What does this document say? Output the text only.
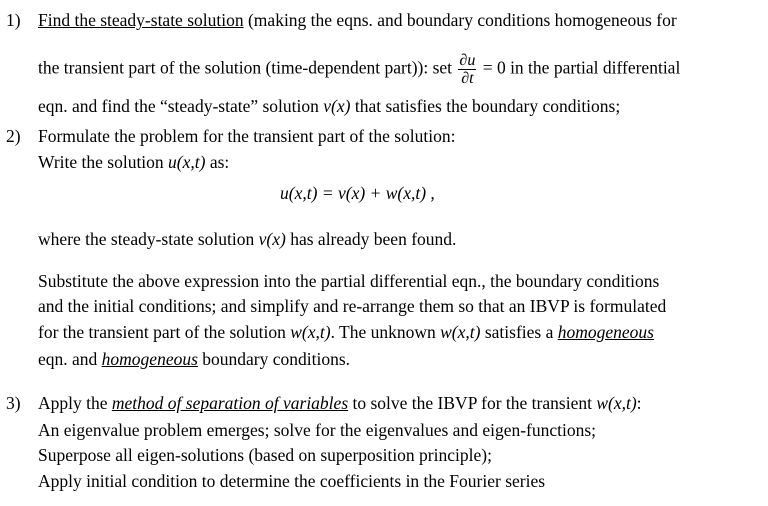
1) Find the steady-state solution (making the eqns. and boundary conditions homogeneous for
the transient part of the solution (time-dependent part)): set $\frac{\partial u}{\partial t} = 0$ in the partial differential
eqn. and find the “steady-state” solution v(x) that satisfies the boundary conditions;
2) Formulate the problem for the transient part of the solution:
Write the solution u(x,t) as:
u(x,t) = v(x) + w(x,t) ,
where the steady-state solution v(x) has already been found.
Substitute the above expression into the partial differential eqn., the boundary conditions
and the initial conditions; and simplify and re-arrange them so that an IBVP is formulated
for the transient part of the solution w(x,t). The unknown w(x,t) satisfies a homogeneous
eqn. and homogeneous boundary conditions.
3) Apply the method of separation of variables to solve the IBVP for the transient w(x,t):
An eigenvalue problem emerges; solve for the eigenvalues and eigen-functions;
Superpose all eigen-solutions (based on superposition principle);
Apply initial condition to determine the coefficients in the Fourier series
